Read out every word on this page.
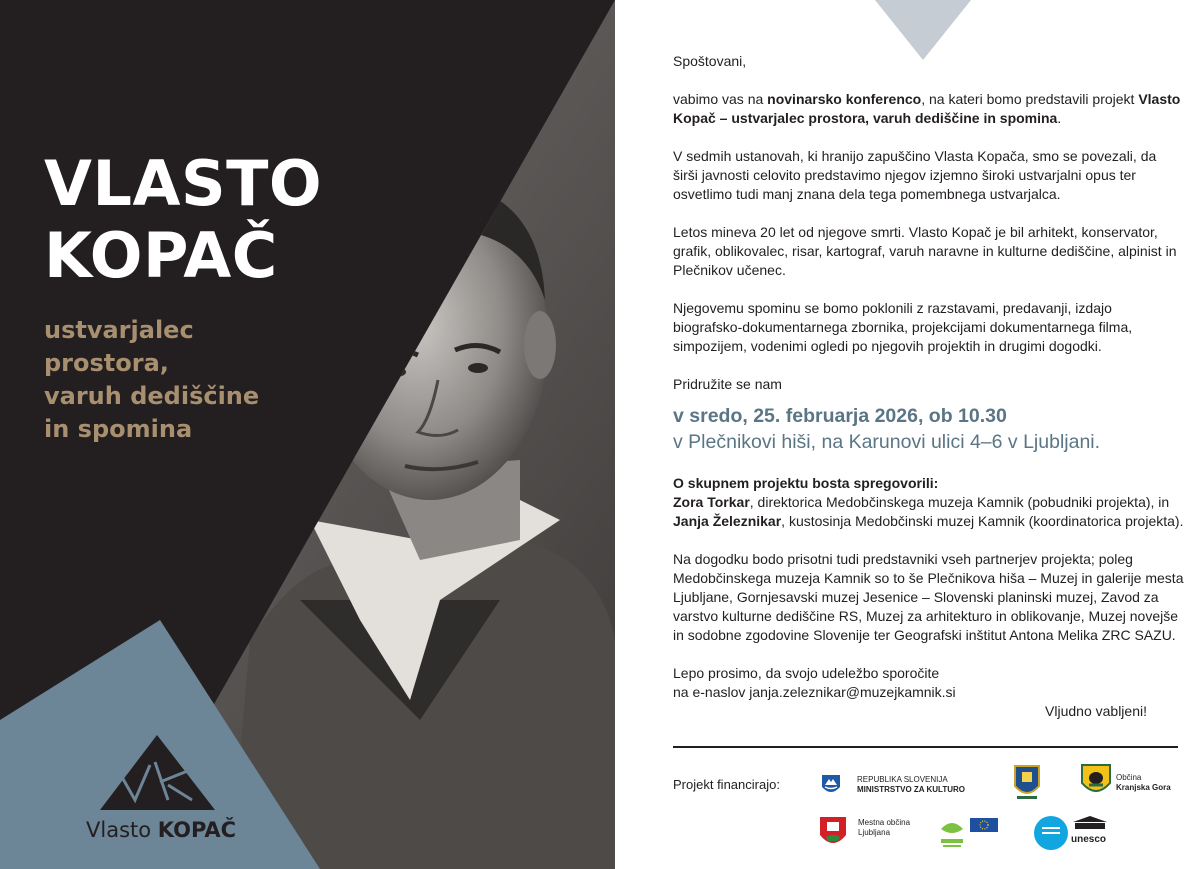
VLASTO
KOPAČ
ustvarjalec
prostora,
varuh dediščine
in spomina
Vlasto KOPAČ

Spoštovani,

vabimo vas na novinarsko konferenco, na kateri bomo predstavili projekt Vlasto Kopač – ustvarjalec prostora, varuh dediščine in spomina.

V sedmih ustanovah, ki hranijo zapuščino Vlasta Kopača, smo se povezali, da širši javnosti celovito predstavimo njegov izjemno široki ustvarjalni opus ter osvetlimo tudi manj znana dela tega pomembnega ustvarjalca.

Letos mineva 20 let od njegove smrti. Vlasto Kopač je bil arhitekt, konservator, grafik, oblikovalec, risar, kartograf, varuh naravne in kulturne dediščine, alpinist in Plečnikov učenec.

Njegovemu spominu se bomo poklonili z razstavami, predavanji, izdajo biografsko-dokumentarnega zbornika, projekcijami dokumentarnega filma, simpozijem, vodenimi ogledi po njegovih projektih in drugimi dogodki.

Pridružite se nam

v sredo, 25. februarja 2026, ob 10.30

v Plečnikovi hiši, na Karunovi ulici 4–6 v Ljubljani.

O skupnem projektu bosta spregovorili:

Zora Torkar, direktorica Medobčinskega muzeja Kamnik (pobudniki projekta), in

Janja Železnikar, kustosinja Medobčinski muzej Kamnik (koordinatorica projekta).

Na dogodku bodo prisotni tudi predstavniki vseh partnerjev projekta; poleg Medobčinskega muzeja Kamnik so to še Plečnikova hiša – Muzej in galerije mesta Ljubljane, Gornjesavski muzej Jesenice – Slovenski planinski muzej, Zavod za varstvo kulturne dediščine RS, Muzej za arhitekturo in oblikovanje, Muzej novejše in sodobne zgodovine Slovenije ter Geografski inštitut Antona Melika ZRC SAZU.

Lepo prosimo, da svojo udeležbo sporočite

na e-naslov janja.zeleznikar@muzejkamnik.si

Vljudno vabljeni!

Projekt financirajo:	REPUBLIKA SLOVENIJA
MINISTRSTVO ZA KULTURO
Občina
Kranjska Gora
Mestna občina
Ljubljana
unesco
